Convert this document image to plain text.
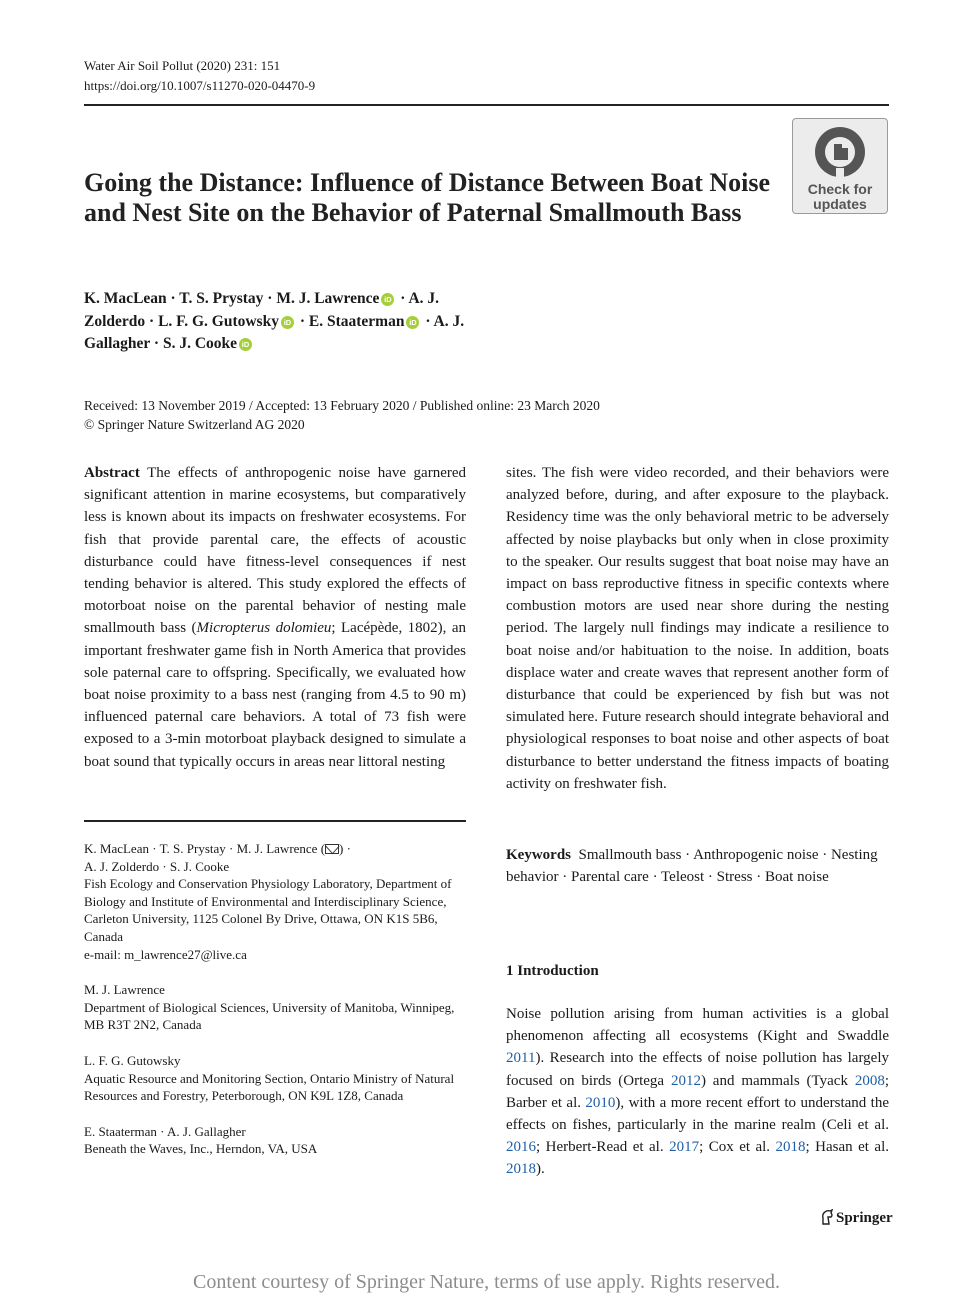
Water Air Soil Pollut (2020) 231: 151
https://doi.org/10.1007/s11270-020-04470-9
Check for
updates
Going the Distance: Influence of Distance Between Boat Noise and Nest Site on the Behavior of Paternal Smallmouth Bass
K. MacLean · T. S. Prystay · M. J. Lawrence iD · A. J. Zolderdo · L. F. G. Gutowsky iD · E. Staaterman iD · A. J. Gallagher · S. J. Cooke iD
Received: 13 November 2019 / Accepted: 13 February 2020 / Published online: 23 March 2020
© Springer Nature Switzerland AG 2020
Abstract The effects of anthropogenic noise have garnered significant attention in marine ecosystems, but comparatively less is known about its impacts on freshwater ecosystems. For fish that provide parental care, the effects of acoustic disturbance could have fitness-level consequences if nest tending behavior is altered. This study explored the effects of motorboat noise on the parental behavior of nesting male smallmouth bass (Micropterus dolomieu; Lacépède, 1802), an important freshwater game fish in North America that provides sole paternal care to offspring. Specifically, we evaluated how boat noise proximity to a bass nest (ranging from 4.5 to 90 m) influenced paternal care behaviors. A total of 73 fish were exposed to a 3-min motorboat playback designed to simulate a boat sound that typically occurs in areas near littoral nesting
sites. The fish were video recorded, and their behaviors were analyzed before, during, and after exposure to the playback. Residency time was the only behavioral metric to be adversely affected by noise playbacks but only when in close proximity to the speaker. Our results suggest that boat noise may have an impact on bass reproductive fitness in specific contexts where combustion motors are used near shore during the nesting period. The largely null findings may indicate a resilience to boat noise and/or habituation to the noise. In addition, boats displace water and create waves that represent another form of disturbance that could be experienced by fish but was not simulated here. Future research should integrate behavioral and physiological responses to boat noise and other aspects of boat disturbance to better understand the fitness impacts of boating activity on freshwater fish.
Keywords Smallmouth bass · Anthropogenic noise · Nesting behavior · Parental care · Teleost · Stress · Boat noise
1 Introduction
Noise pollution arising from human activities is a global phenomenon affecting all ecosystems (Kight and Swaddle 2011). Research into the effects of noise pollution has largely focused on birds (Ortega 2012) and mammals (Tyack 2008; Barber et al. 2010), with a more recent effort to understand the effects on fishes, particularly in the marine realm (Celi et al. 2016; Herbert-Read et al. 2017; Cox et al. 2018; Hasan et al. 2018).

K. MacLean · T. S. Prystay · M. J. Lawrence ( ) ·
A. J. Zolderdo · S. J. Cooke
Fish Ecology and Conservation Physiology Laboratory, Department of Biology and Institute of Environmental and Interdisciplinary Science, Carleton University, 1125 Colonel By Drive, Ottawa, ON K1S 5B6, Canada
e-mail: m_lawrence27@live.ca

M. J. Lawrence
Department of Biological Sciences, University of Manitoba, Winnipeg, MB R3T 2N2, Canada

L. F. G. Gutowsky
Aquatic Resource and Monitoring Section, Ontario Ministry of Natural Resources and Forestry, Peterborough, ON K9L 1Z8, Canada

E. Staaterman · A. J. Gallagher
Beneath the Waves, Inc., Herndon, VA, USA

Springer
Content courtesy of Springer Nature, terms of use apply. Rights reserved.
